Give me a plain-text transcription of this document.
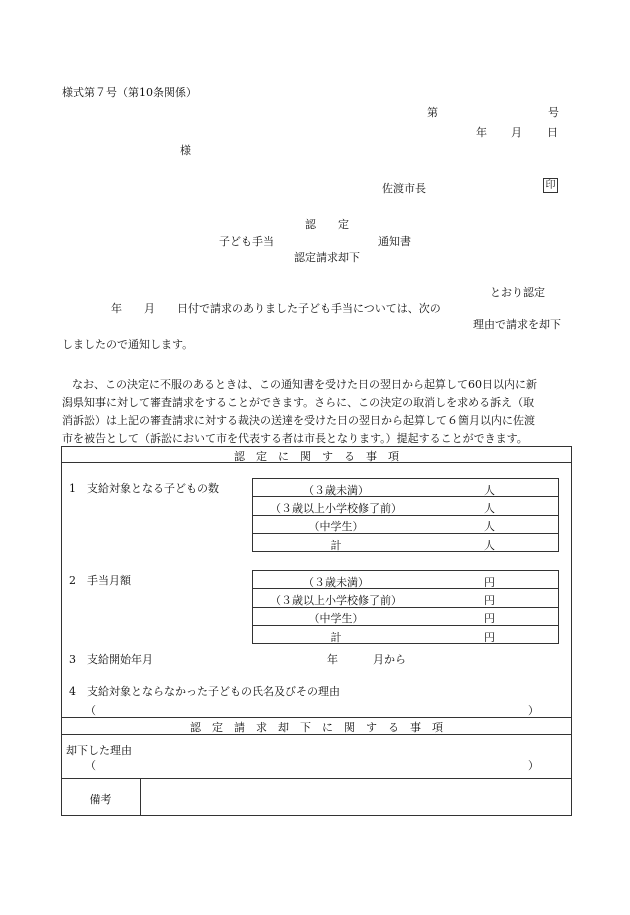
様式第７号（第10条関係）
第	号
年 月 日
様
佐渡市長	印
認　　定
子ども手当	通知書
認定請求却下
とおり認定
年　　月　　日付で請求のありました子ども手当については、次の
理由で請求を却下
しましたので通知します。
なお、この決定に不服のあるときは、この通知書を受けた日の翌日から起算して60日以内に新
潟県知事に対して審査請求をすることができます。さらに、この決定の取消しを求める訴え（取
消訴訟）は上記の審査請求に対する裁決の送達を受けた日の翌日から起算して６箇月以内に佐渡
市を被告として（訴訟において市を代表する者は市長となります。）提起することができます。
認　定　に　関　す　る　事　項
1　支給対象となる子どもの数	（３歳未満）	人
（３歳以上小学校修了前）	人
（中学生）	人
計	人
2　手当月額	（３歳未満）	円
（３歳以上小学校修了前）	円
（中学生）	円
計	円
3　支給開始年月	年	月から
4　支給対象とならなかった子どもの氏名及びその理由
（	）
認　定　請　求　却　下　に　関　す　る　事　項
却下した理由
（	）
備考
